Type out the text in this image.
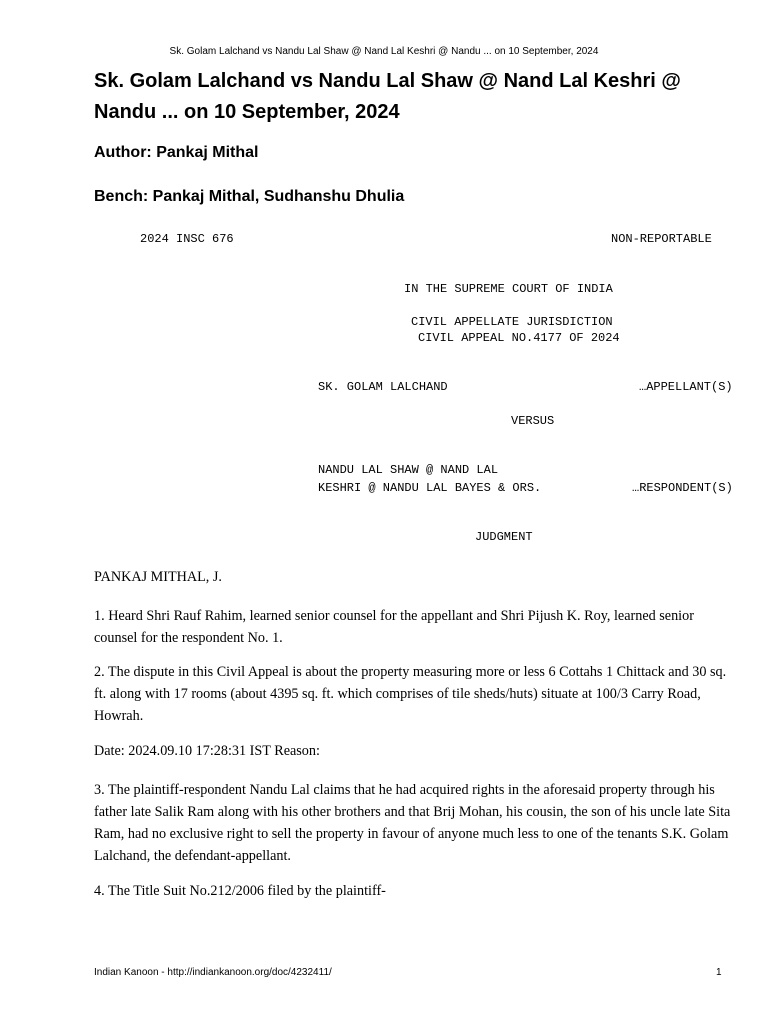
Sk. Golam Lalchand vs Nandu Lal Shaw @ Nand Lal Keshri @ Nandu ... on 10 September, 2024
Sk. Golam Lalchand vs Nandu Lal Shaw @ Nand Lal Keshri @ Nandu ... on 10 September, 2024
Author: Pankaj Mithal
Bench: Pankaj Mithal, Sudhanshu Dhulia
2024 INSC 676	NON-REPORTABLE
IN THE SUPREME COURT OF INDIA
CIVIL APPELLATE JURISDICTION
CIVIL APPEAL NO.4177 OF 2024
SK. GOLAM LALCHAND	…APPELLANT(S)
VERSUS
NANDU LAL SHAW @ NAND LAL
KESHRI @ NANDU LAL BAYES & ORS.	…RESPONDENT(S)
JUDGMENT
PANKAJ MITHAL, J.
1. Heard Shri Rauf Rahim, learned senior counsel for the appellant and Shri Pijush K. Roy, learned senior counsel for the respondent No. 1.
2. The dispute in this Civil Appeal is about the property measuring more or less 6 Cottahs 1 Chittack and 30 sq. ft. along with 17 rooms (about 4395 sq. ft. which comprises of tile sheds/huts) situate at 100/3 Carry Road, Howrah.
Date: 2024.09.10 17:28:31 IST Reason:
3. The plaintiff-respondent Nandu Lal claims that he had acquired rights in the aforesaid property through his father late Salik Ram along with his other brothers and that Brij Mohan, his cousin, the son of his uncle late Sita Ram, had no exclusive right to sell the property in favour of anyone much less to one of the tenants S.K. Golam Lalchand, the defendant-appellant.
4. The Title Suit No.212/2006 filed by the plaintiff-
Indian Kanoon - http://indiankanoon.org/doc/4232411/	1
